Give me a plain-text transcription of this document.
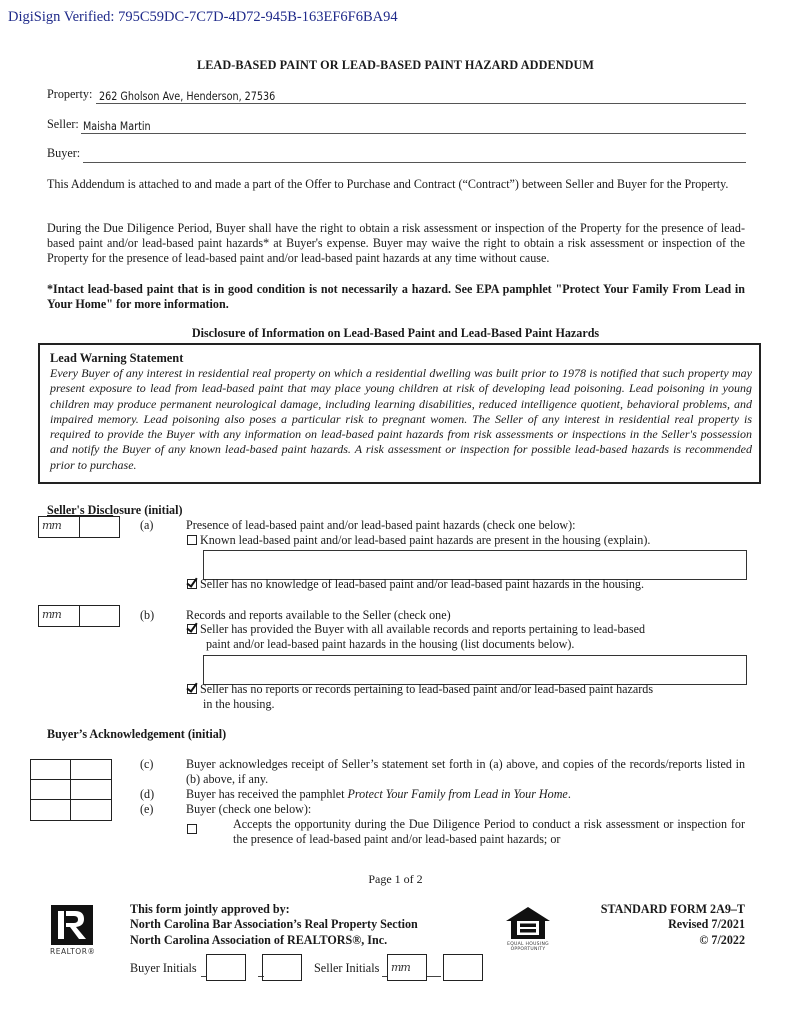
DigiSign Verified: 795C59DC-7C7D-4D72-945B-163EF6F6BA94
LEAD-BASED PAINT OR LEAD-BASED PAINT HAZARD ADDENDUM
Property: 262 Gholson Ave, Henderson, 27536
Seller: Maisha Martin
Buyer:
This Addendum is attached to and made a part of the Offer to Purchase and Contract (“Contract”) between Seller and Buyer for the Property.
During the Due Diligence Period, Buyer shall have the right to obtain a risk assessment or inspection of the Property for the presence of lead-based paint and/or lead-based paint hazards* at Buyer's expense. Buyer may waive the right to obtain a risk assessment or inspection of the Property for the presence of lead-based paint and/or lead-based paint hazards at any time without cause.
*Intact lead-based paint that is in good condition is not necessarily a hazard. See EPA pamphlet "Protect Your Family From Lead in Your Home" for more information.
Disclosure of Information on Lead-Based Paint and Lead-Based Paint Hazards
Lead Warning Statement
Every Buyer of any interest in residential real property on which a residential dwelling was built prior to 1978 is notified that such property may present exposure to lead from lead-based paint that may place young children at risk of developing lead poisoning. Lead poisoning in young children may produce permanent neurological damage, including learning disabilities, reduced intelligence quotient, behavioral problems, and impaired memory. Lead poisoning also poses a particular risk to pregnant women. The Seller of any interest in residential real property is required to provide the Buyer with any information on lead-based paint hazards from risk assessments or inspections in the Seller's possession and notify the Buyer of any known lead-based paint hazards. A risk assessment or inspection for possible lead-based hazards is recommended prior to purchase.
Seller's Disclosure (initial)
mm	(a)	Presence of lead-based paint and/or lead-based paint hazards (check one below):
Known lead-based paint and/or lead-based paint hazards are present in the housing (explain).
Seller has no knowledge of lead-based paint and/or lead-based paint hazards in the housing.
mm	(b)	Records and reports available to the Seller (check one)
Seller has provided the Buyer with all available records and reports pertaining to lead-based
paint and/or lead-based paint hazards in the housing (list documents below).
Seller has no reports or records pertaining to lead-based paint and/or lead-based paint hazards
in the housing.
Buyer’s Acknowledgement (initial)
(c)	Buyer acknowledges receipt of Seller’s statement set forth in (a) above, and copies of the records/reports listed in (b) above, if any.
(d)	Buyer has received the pamphlet Protect Your Family from Lead in Your Home.
(e)	Buyer (check one below):
Accepts the opportunity during the Due Diligence Period to conduct a risk assessment or inspection for the presence of lead-based paint and/or lead-based paint hazards; or
Page 1 of 2
REALTOR®
This form jointly approved by:
North Carolina Bar Association’s Real Property Section
North Carolina Association of REALTORS®, Inc.	EQUAL HOUSING
OPPORTUNITY
STANDARD FORM 2A9–T
Revised 7/2021
© 7/2022
Buyer Initials	Seller Initials mm
